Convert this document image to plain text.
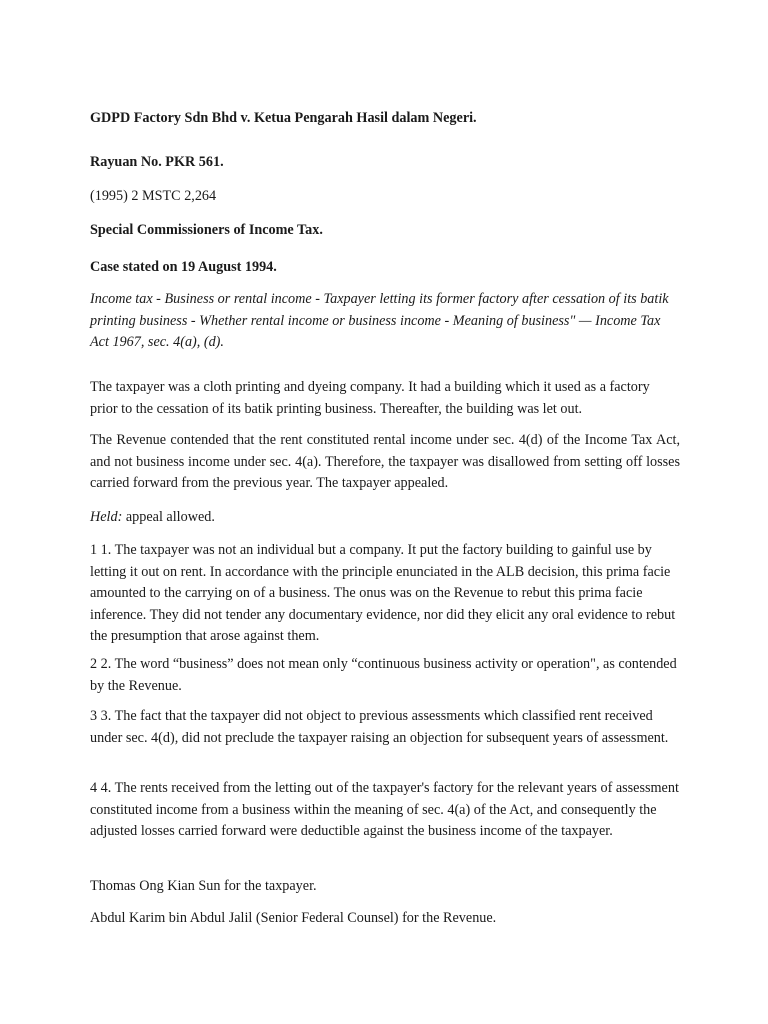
GDPD Factory Sdn Bhd v. Ketua Pengarah Hasil dalam Negeri.

Rayuan No. PKR 561.

(1995) 2 MSTC 2,264

Special Commissioners of Income Tax.

Case stated on 19 August 1994.

Income tax - Business or rental income - Taxpayer letting its former factory after cessation of its batik printing business - Whether rental income or business income - Meaning of business" — Income Tax Act 1967, sec. 4(a), (d).

The taxpayer was a cloth printing and dyeing company. It had a building which it used as a factory prior to the cessation of its batik printing business. Thereafter, the building was let out.

The Revenue contended that the rent constituted rental income under sec. 4(d) of the Income Tax Act, and not business income under sec. 4(a). Therefore, the taxpayer was disallowed from setting off losses carried forward from the previous year. The taxpayer appealed.

Held: appeal allowed.

1 1. The taxpayer was not an individual but a company. It put the factory building to gainful use by letting it out on rent. In accordance with the principle enunciated in the ALB decision, this prima facie amounted to the carrying on of a business. The onus was on the Revenue to rebut this prima facie inference. They did not tender any documentary evidence, nor did they elicit any oral evidence to rebut the presumption that arose against them.

2 2. The word “business” does not mean only “continuous business activity or operation", as contended by the Revenue.

3 3. The fact that the taxpayer did not object to previous assessments which classified rent received under sec. 4(d), did not preclude the taxpayer raising an objection for subsequent years of assessment.

4 4. The rents received from the letting out of the taxpayer's factory for the relevant years of assessment constituted income from a business within the meaning of sec. 4(a) of the Act, and consequently the adjusted losses carried forward were deductible against the business income of the taxpayer.

Thomas Ong Kian Sun for the taxpayer.

Abdul Karim bin Abdul Jalil (Senior Federal Counsel) for the Revenue.
